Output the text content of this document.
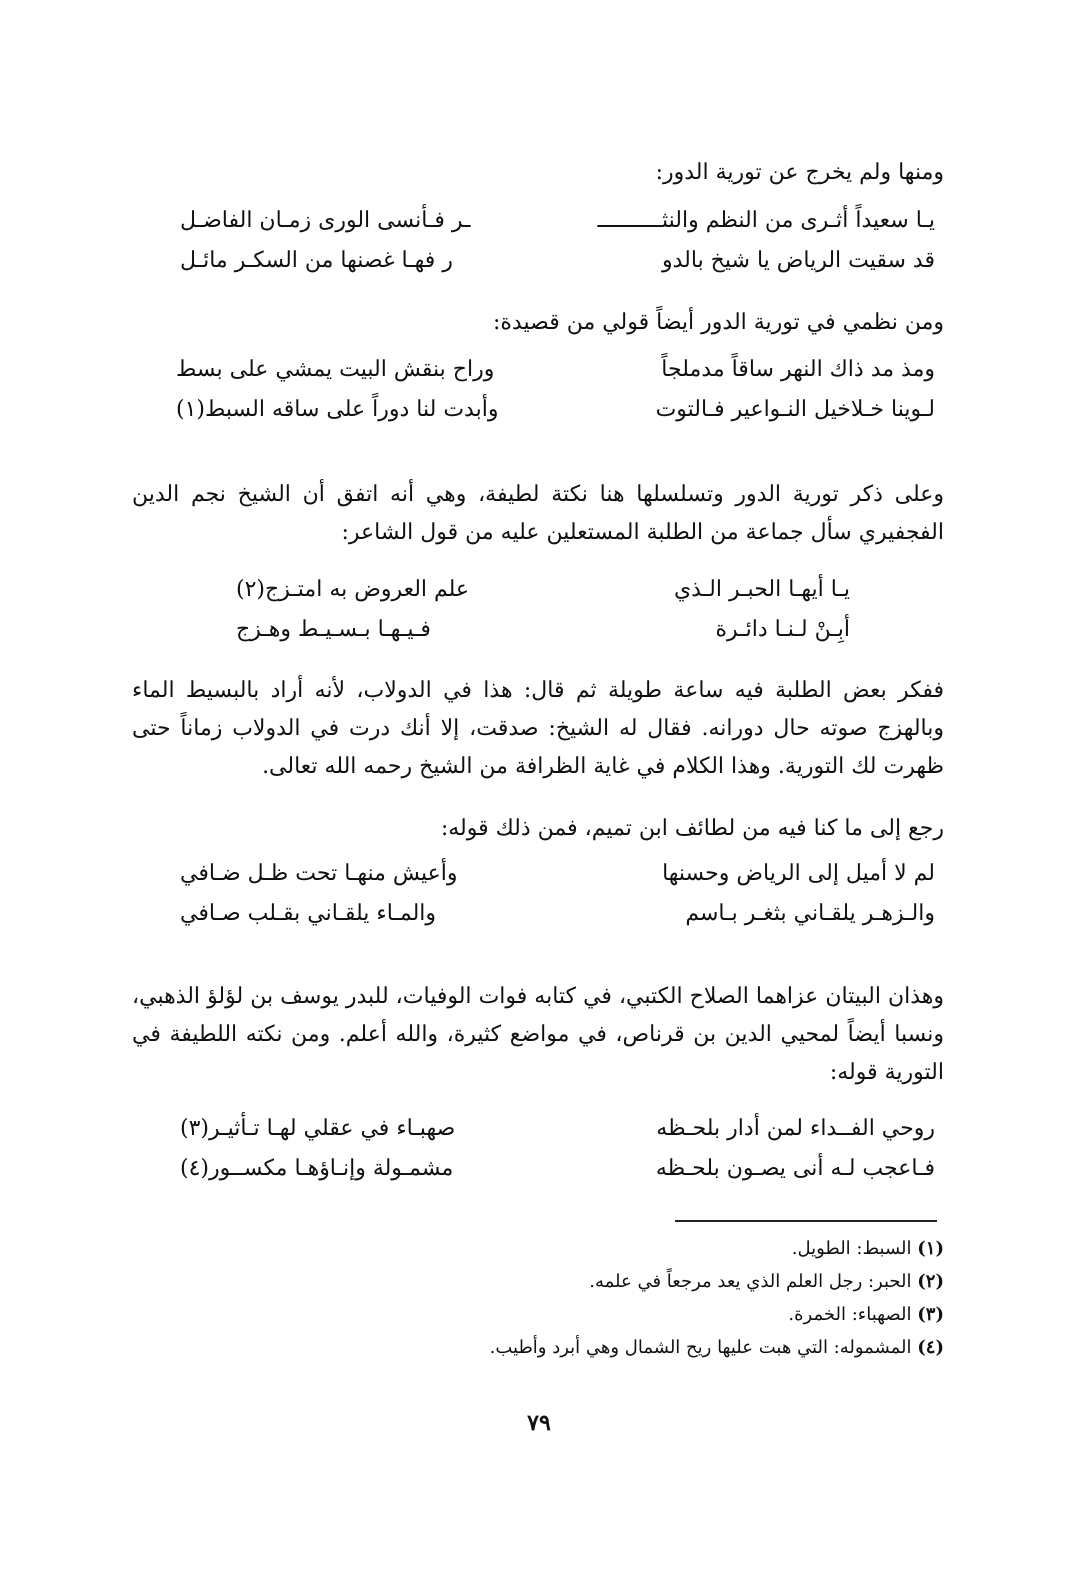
ومنها ولم يخرج عن تورية الدور:
يـا سعيداً أثـرى من النظم والنثــــــــــ
ـر فـأنسى الورى زمـان الفاضـل
قد سقيت الرياض يا شيخ بالدو
ر فهـا غصنها من السكـر مائـل
ومن نظمي في تورية الدور أيضاً قولي من قصيدة:
ومذ مد ذاك النهر ساقاً مدملجاً
وراح بنقش البيت يمشي على بسط
لـوينا خـلاخيل النـواعير فـالتوت
وأبدت لنا دوراً على ساقه السبط(١)
وعلى ذكر تورية الدور وتسلسلها هنا نكتة لطيفة، وهي أنه اتفق أن الشيخ نجم الدين الفجفيري سأل جماعة من الطلبة المستعلين عليه من قول الشاعر:
يـا أيهـا الحبـر الـذي
علم العروض به امتـزج(٢)
أبِـنْ لـنـا دائـرة
فـيـهـا بـسـيـط وهـزج
ففكر بعض الطلبة فيه ساعة طويلة ثم قال: هذا في الدولاب، لأنه أراد بالبسيط الماء وبالهزج صوته حال دورانه. فقال له الشيخ: صدقت، إلا أنك درت في الدولاب زماناً حتى ظهرت لك التورية. وهذا الكلام في غاية الظرافة من الشيخ رحمه الله تعالى.
رجع إلى ما كنا فيه من لطائف ابن تميم، فمن ذلك قوله:
لم لا أميل إلى الرياض وحسنها
وأعيش منهـا تحت ظـل ضـافي
والـزهـر يلقـاني بثغـر بـاسم
والمـاء يلقـاني بقـلب صـافي
وهذان البيتان عزاهما الصلاح الكتبي، في كتابه فوات الوفيات، للبدر يوسف بن لؤلؤ الذهبي، ونسبا أيضاً لمحيي الدين بن قرناص، في مواضع كثيرة، والله أعلم. ومن نكته اللطيفة في التورية قوله:
روحي الفــداء لمن أدار بلحـظه
صهبـاء في عقلي لهـا تـأثيـر(٣)
فـاعجب لـه أنى يصـون بلحـظه
مشمـولة وإنـاؤهـا مكســور(٤)
(١) السبط: الطويل.
(٢) الحبر: رجل العلم الذي يعد مرجعاً في علمه.
(٣) الصهباء: الخمرة.
(٤) المشموله: التي هبت عليها ريح الشمال وهي أبرد وأطيب.
٧٩
